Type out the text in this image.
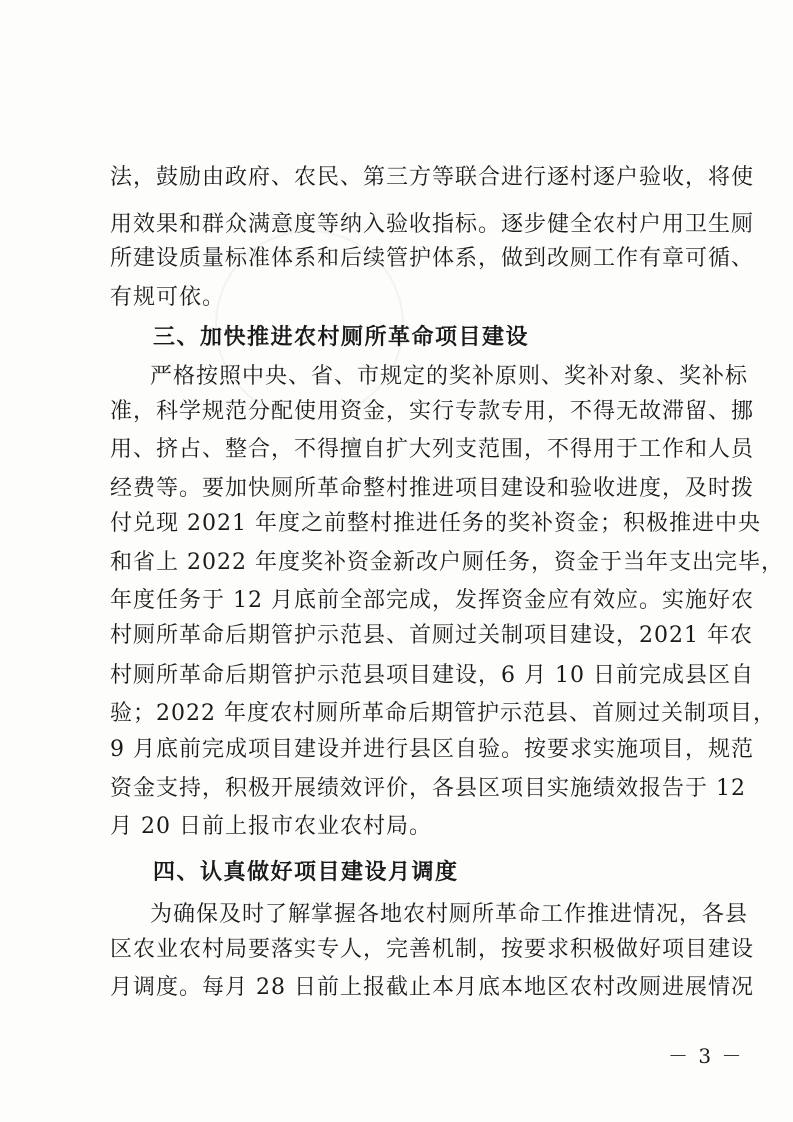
法，鼓励由政府、农民、第三方等联合进行逐村逐户验收，将使
用效果和群众满意度等纳入验收指标。逐步健全农村户用卫生厕
所建设质量标准体系和后续管护体系，做到改厕工作有章可循、
有规可依。
三、加快推进农村厕所革命项目建设
严格按照中央、省、市规定的奖补原则、奖补对象、奖补标
准，科学规范分配使用资金，实行专款专用，不得无故滞留、挪
用、挤占、整合，不得擅自扩大列支范围，不得用于工作和人员
经费等。要加快厕所革命整村推进项目建设和验收进度，及时拨
付兑现 2021 年度之前整村推进任务的奖补资金；积极推进中央
和省上 2022 年度奖补资金新改户厕任务，资金于当年支出完毕，
年度任务于 12 月底前全部完成，发挥资金应有效应。实施好农
村厕所革命后期管护示范县、首厕过关制项目建设，2021 年农
村厕所革命后期管护示范县项目建设，6 月 10 日前完成县区自
验；2022 年度农村厕所革命后期管护示范县、首厕过关制项目，
9 月底前完成项目建设并进行县区自验。按要求实施项目，规范
资金支持，积极开展绩效评价，各县区项目实施绩效报告于 12
月 20 日前上报市农业农村局。
四、认真做好项目建设月调度
为确保及时了解掌握各地农村厕所革命工作推进情况，各县
区农业农村局要落实专人，完善机制，按要求积极做好项目建设
月调度。每月 28 日前上报截止本月底本地区农村改厕进展情况
－ 3 －
